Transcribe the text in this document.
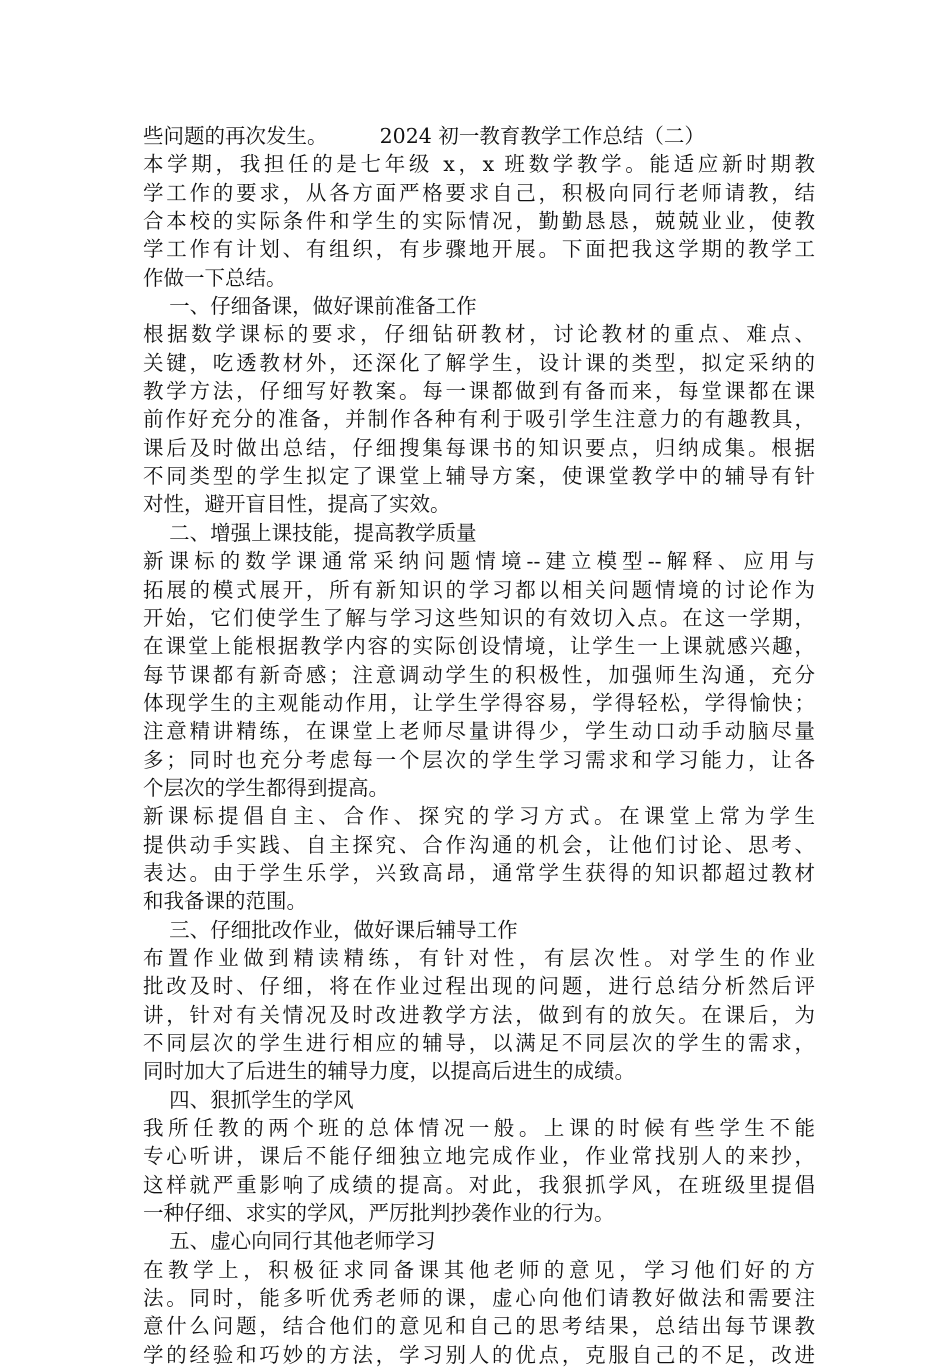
些问题的再次发生。        2024 初一教育教学工作总结（二）
本学期，我担任的是七年级 x，x 班数学教学。能适应新时期教
学工作的要求，从各方面严格要求自己，积极向同行老师请教，结
合本校的实际条件和学生的实际情况，勤勤恳恳，兢兢业业，使教
学工作有计划、有组织，有步骤地开展。下面把我这学期的教学工
作做一下总结。
一、仔细备课，做好课前准备工作
根据数学课标的要求，仔细钻研教材，讨论教材的重点、难点、
关键，吃透教材外，还深化了解学生，设计课的类型，拟定采纳的
教学方法，仔细写好教案。每一课都做到有备而来，每堂课都在课
前作好充分的准备，并制作各种有利于吸引学生注意力的有趣教具，
课后及时做出总结，仔细搜集每课书的知识要点，归纳成集。根据
不同类型的学生拟定了课堂上辅导方案，使课堂教学中的辅导有针
对性，避开盲目性，提高了实效。
二、增强上课技能，提高教学质量
新课标的数学课通常采纳问题情境--建立模型--解释、应用与
拓展的模式展开，所有新知识的学习都以相关问题情境的讨论作为
开始，它们使学生了解与学习这些知识的有效切入点。在这一学期，
在课堂上能根据教学内容的实际创设情境，让学生一上课就感兴趣，
每节课都有新奇感；注意调动学生的积极性，加强师生沟通，充分
体现学生的主观能动作用，让学生学得容易，学得轻松，学得愉快；
注意精讲精练，在课堂上老师尽量讲得少，学生动口动手动脑尽量
多；同时也充分考虑每一个层次的学生学习需求和学习能力，让各
个层次的学生都得到提高。
新课标提倡自主、合作、探究的学习方式。在课堂上常为学生
提供动手实践、自主探究、合作沟通的机会，让他们讨论、思考、
表达。由于学生乐学，兴致高昂，通常学生获得的知识都超过教材
和我备课的范围。
三、仔细批改作业，做好课后辅导工作
布置作业做到精读精练，有针对性，有层次性。对学生的作业
批改及时、仔细，将在作业过程出现的问题，进行总结分析然后评
讲，针对有关情况及时改进教学方法，做到有的放矢。在课后，为
不同层次的学生进行相应的辅导，以满足不同层次的学生的需求，
同时加大了后进生的辅导力度，以提高后进生的成绩。
四、狠抓学生的学风
我所任教的两个班的总体情况一般。上课的时候有些学生不能
专心听讲，课后不能仔细独立地完成作业，作业常找别人的来抄，
这样就严重影响了成绩的提高。对此，我狠抓学风，在班级里提倡
一种仔细、求实的学风，严厉批判抄袭作业的行为。
五、虚心向同行其他老师学习
在教学上，积极征求同备课其他老师的意见，学习他们好的方
法。同时，能多听优秀老师的课，虚心向他们请教好做法和需要注
意什么问题，结合他们的意见和自己的思考结果，总结出每节课教
学的经验和巧妙的方法，学习别人的优点，克服自己的不足，改进
